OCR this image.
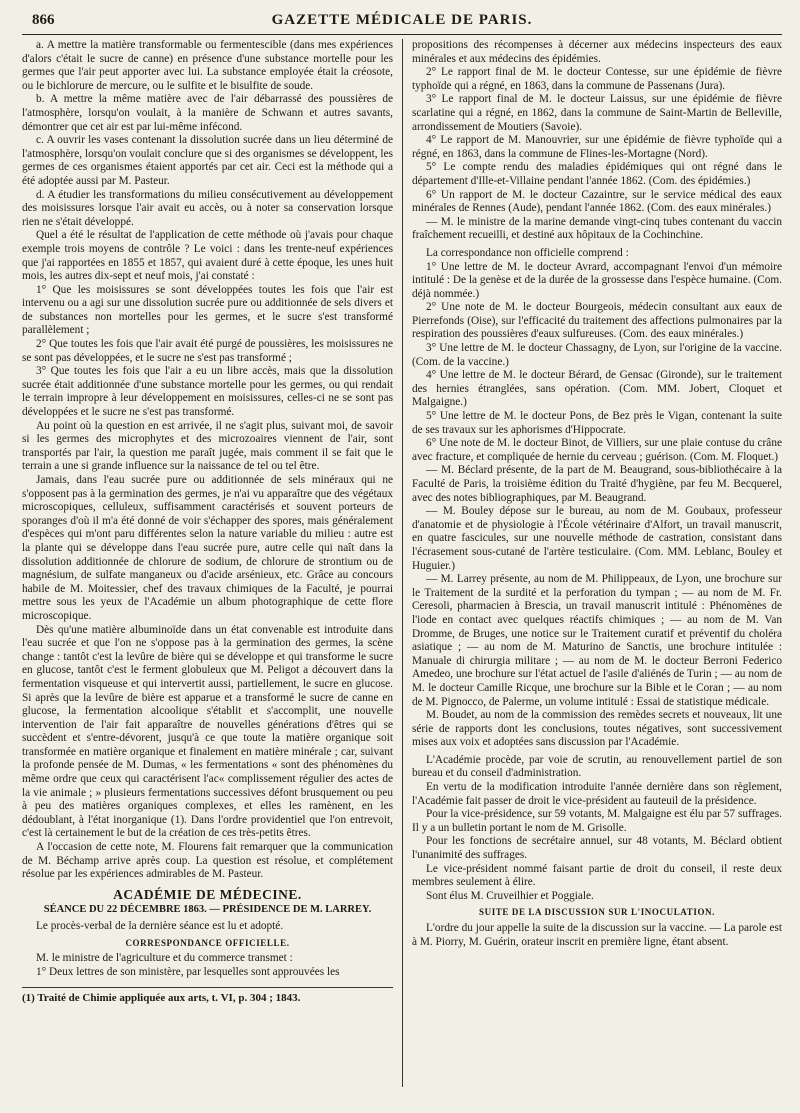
866	GAZETTE MÉDICALE DE PARIS.

a. A mettre la matière transformable ou fermentescible (dans mes expériences d'alors c'était le sucre de canne) en présence d'une substance mortelle pour les germes que l'air peut apporter avec lui. La substance employée était la créosote, ou le bichlorure de mercure, ou le sulfite et le bisulfite de soude.

b. A mettre la même matière avec de l'air débarrassé des poussières de l'atmosphère, lorsqu'on voulait, à la manière de Schwann et autres savants, démontrer que cet air est par lui-même infécond.

c. A ouvrir les vases contenant la dissolution sucrée dans un lieu déterminé de l'atmosphère, lorsqu'on voulait conclure que si des organismes se développent, les germes de ces organismes étaient apportés par cet air. Ceci est la méthode qui a été adoptée aussi par M. Pasteur.

d. A étudier les transformations du milieu consécutivement au développement des moisissures lorsque l'air avait eu accès, ou à noter sa conservation lorsque rien ne s'était développé.

Quel a été le résultat de l'application de cette méthode où j'avais pour chaque exemple trois moyens de contrôle ? Le voici : dans les trente-neuf expériences que j'ai rapportées en 1855 et 1857, qui avaient duré à cette époque, les unes huit mois, les autres dix-sept et neuf mois, j'ai constaté :

1° Que les moisissures se sont développées toutes les fois que l'air est intervenu ou a agi sur une dissolution sucrée pure ou additionnée de sels divers et de substances non mortelles pour les germes, et le sucre s'est transformé parallèlement ;

2° Que toutes les fois que l'air avait été purgé de poussières, les moisissures ne se sont pas développées, et le sucre ne s'est pas transformé ;

3° Que toutes les fois que l'air a eu un libre accès, mais que la dissolution sucrée était additionnée d'une substance mortelle pour les germes, ou qui rendait le terrain impropre à leur développement en moisissures, celles-ci ne se sont pas développées et le sucre ne s'est pas transformé.

Au point où la question en est arrivée, il ne s'agit plus, suivant moi, de savoir si les germes des microphytes et des microzoaires viennent de l'air, sont transportés par l'air, la question me paraît jugée, mais comment il se fait que le terrain a une si grande influence sur la naissance de tel ou tel être.

Jamais, dans l'eau sucrée pure ou additionnée de sels minéraux qui ne s'opposent pas à la germination des germes, je n'ai vu apparaître que des végétaux microscopiques, celluleux, suffisamment caractérisés et souvent porteurs de sporanges d'où il m'a été donné de voir s'échapper des spores, mais généralement d'espèces qui m'ont paru différentes selon la nature variable du milieu : autre est la plante qui se développe dans l'eau sucrée pure, autre celle qui naît dans la dissolution additionnée de chlorure de sodium, de chlorure de strontium ou de magnésium, de sulfate manganeux ou d'acide arsénieux, etc. Grâce au concours habile de M. Moitessier, chef des travaux chimiques de la Faculté, je pourrai mettre sous les yeux de l'Académie un album photographique de cette flore microscopique.

Dès qu'une matière albuminoïde dans un état convenable est introduite dans l'eau sucrée et que l'on ne s'oppose pas à la germination des germes, la scène change : tantôt c'est la levûre de bière qui se développe et qui transforme le sucre en glucose, tantôt c'est le ferment globuleux que M. Peligot a découvert dans la fermentation visqueuse et qui intervertit aussi, partiellement, le sucre en glucose. Si après que la levûre de bière est apparue et a transformé le sucre de canne en glucose, la fermentation alcoolique s'établit et s'accomplit, une nouvelle intervention de l'air fait apparaître de nouvelles générations d'êtres qui se succèdent et s'entre-dévorent, jusqu'à ce que toute la matière organique soit transformée en matière organique et finalement en matière minérale ; car, suivant la profonde pensée de M. Dumas, « les fermentations « sont des phénomènes du même ordre que ceux qui caractérisent l'ac« complissement régulier des actes de la vie animale ; » plusieurs fermentations successives défont brusquement ou peu à peu des matières organiques complexes, et elles les ramènent, en les dédoublant, à l'état inorganique (1). Dans l'ordre providentiel que l'on entrevoit, c'est là certainement le but de la création de ces très-petits êtres.

A l'occasion de cette note, M. Flourens fait remarquer que la communication de M. Béchamp arrive après coup. La question est résolue, et complétement résolue par les expériences admirables de M. Pasteur.

ACADÉMIE DE MÉDECINE.
SÉANCE DU 22 DÉCEMBRE 1863. — PRÉSIDENCE DE M. LARREY.

Le procès-verbal de la dernière séance est lu et adopté.

CORRESPONDANCE OFFICIELLE.

M. le ministre de l'agriculture et du commerce transmet :

1° Deux lettres de son ministère, par lesquelles sont approuvées les

(1) Traité de Chimie appliquée aux arts, t. VI, p. 304 ; 1843.

propositions des récompenses à décerner aux médecins inspecteurs des eaux minérales et aux médecins des épidémies.

2° Le rapport final de M. le docteur Contesse, sur une épidémie de fièvre typhoïde qui a régné, en 1863, dans la commune de Passenans (Jura).

3° Le rapport final de M. le docteur Laissus, sur une épidémie de fièvre scarlatine qui a régné, en 1862, dans la commune de Saint-Martin de Belleville, arrondissement de Moutiers (Savoie).

4° Le rapport de M. Manouvrier, sur une épidémie de fièvre typhoïde qui a régné, en 1863, dans la commune de Flines-les-Mortagne (Nord).

5° Le compte rendu des maladies épidémiques qui ont régné dans le département d'Ille-et-Villaine pendant l'année 1862. (Com. des épidémies.)

6° Un rapport de M. le docteur Cazaintre, sur le service médical des eaux minérales de Rennes (Aude), pendant l'année 1862. (Com. des eaux minérales.)

— M. le ministre de la marine demande vingt-cinq tubes contenant du vaccin fraîchement recueilli, et destiné aux hôpitaux de la Cochinchine.

La correspondance non officielle comprend :

1° Une lettre de M. le docteur Avrard, accompagnant l'envoi d'un mémoire intitulé : De la genèse et de la durée de la grossesse dans l'espèce humaine. (Com. déjà nommée.)

2° Une note de M. le docteur Bourgeois, médecin consultant aux eaux de Pierrefonds (Oise), sur l'efficacité du traitement des affections pulmonaires par la respiration des poussières d'eaux sulfureuses. (Com. des eaux minérales.)

3° Une lettre de M. le docteur Chassagny, de Lyon, sur l'origine de la vaccine. (Com. de la vaccine.)

4° Une lettre de M. le docteur Bérard, de Gensac (Gironde), sur le traitement des hernies étranglées, sans opération. (Com. MM. Jobert, Cloquet et Malgaigne.)

5° Une lettre de M. le docteur Pons, de Bez près le Vigan, contenant la suite de ses travaux sur les aphorismes d'Hippocrate.

6° Une note de M. le docteur Binot, de Villiers, sur une plaie contuse du crâne avec fracture, et compliquée de hernie du cerveau ; guérison. (Com. M. Floquet.)

— M. Béclard présente, de la part de M. Beaugrand, sous-bibliothécaire à la Faculté de Paris, la troisième édition du Traité d'hygiène, par feu M. Becquerel, avec des notes bibliographiques, par M. Beaugrand.

— M. Bouley dépose sur le bureau, au nom de M. Goubaux, professeur d'anatomie et de physiologie à l'École vétérinaire d'Alfort, un travail manuscrit, en quatre fascicules, sur une nouvelle méthode de castration, consistant dans l'écrasement sous-cutané de l'artère testiculaire. (Com. MM. Leblanc, Bouley et Huguier.)

— M. Larrey présente, au nom de M. Philippeaux, de Lyon, une brochure sur le Traitement de la surdité et la perforation du tympan ; — au nom de M. Fr. Ceresoli, pharmacien à Brescia, un travail manuscrit intitulé : Phénomènes de l'iode en contact avec quelques réactifs chimiques ; — au nom de M. Van Dromme, de Bruges, une notice sur le Traitement curatif et préventif du choléra asiatique ; — au nom de M. Maturino de Sanctis, une brochure intitulée : Manuale di chirurgia militare ; — au nom de M. le docteur Berroni Federico Amedeo, une brochure sur l'état actuel de l'asile d'aliénés de Turin ; — au nom de M. le docteur Camille Ricque, une brochure sur la Bible et le Coran ; — au nom de M. Pignocco, de Palerme, un volume intitulé : Essai de statistique médicale.

M. Boudet, au nom de la commission des remèdes secrets et nouveaux, lit une série de rapports dont les conclusions, toutes négatives, sont successivement mises aux voix et adoptées sans discussion par l'Académie.

L'Académie procède, par voie de scrutin, au renouvellement partiel de son bureau et du conseil d'administration.

En vertu de la modification introduite l'année dernière dans son règlement, l'Académie fait passer de droit le vice-président au fauteuil de la présidence.

Pour la vice-présidence, sur 59 votants, M. Malgaigne est élu par 57 suffrages. Il y a un bulletin portant le nom de M. Grisolle.

Pour les fonctions de secrétaire annuel, sur 48 votants, M. Béclard obtient l'unanimité des suffrages.

Le vice-président nommé faisant partie de droit du conseil, il reste deux membres seulement à élire.

Sont élus M. Cruveilhier et Poggiale.

SUITE DE LA DISCUSSION SUR L'INOCULATION.

L'ordre du jour appelle la suite de la discussion sur la vaccine. — La parole est à M. Piorry, M. Guérin, orateur inscrit en première ligne, étant absent.
